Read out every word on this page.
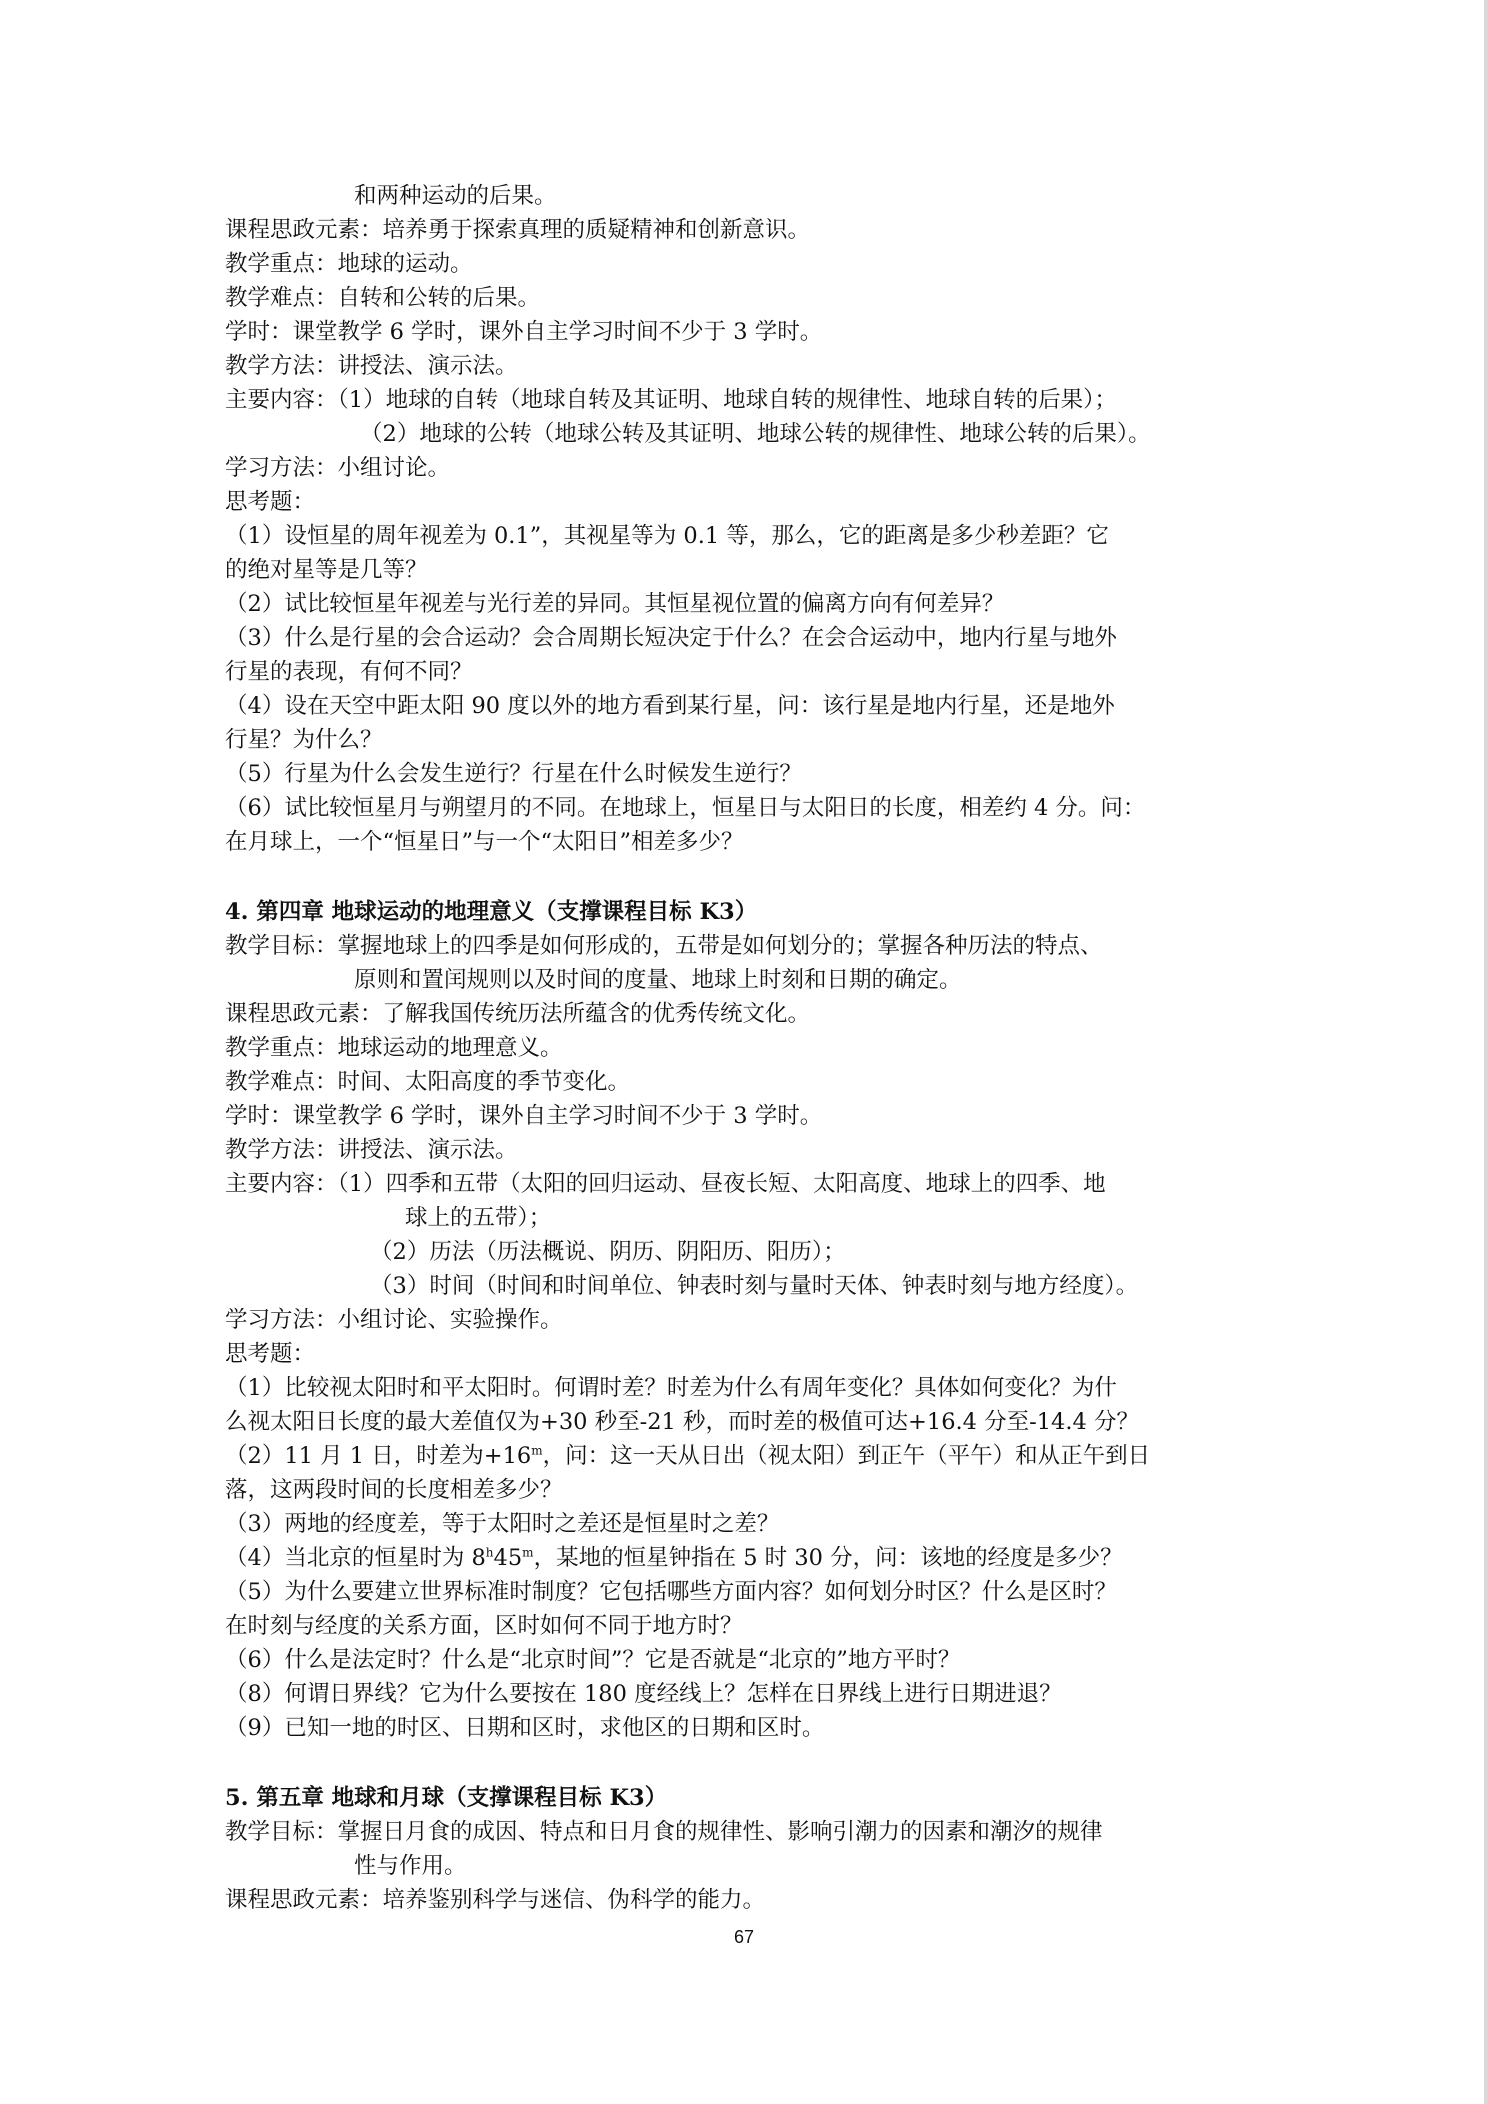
和两种运动的后果。
课程思政元素：培养勇于探索真理的质疑精神和创新意识。
教学重点：地球的运动。
教学难点：自转和公转的后果。
学时：课堂教学 6 学时，课外自主学习时间不少于 3 学时。
教学方法：讲授法、演示法。
主要内容：（1）地球的自转（地球自转及其证明、地球自转的规律性、地球自转的后果）；
（2）地球的公转（地球公转及其证明、地球公转的规律性、地球公转的后果）。
学习方法：小组讨论。
思考题：
（1）设恒星的周年视差为 0.1”，其视星等为 0.1 等，那么，它的距离是多少秒差距？它
的绝对星等是几等？
（2）试比较恒星年视差与光行差的异同。其恒星视位置的偏离方向有何差异？
（3）什么是行星的会合运动？会合周期长短决定于什么？在会合运动中，地内行星与地外
行星的表现，有何不同？
（4）设在天空中距太阳 90 度以外的地方看到某行星，问：该行星是地内行星，还是地外
行星？为什么？
（5）行星为什么会发生逆行？行星在什么时候发生逆行？
（6）试比较恒星月与朔望月的不同。在地球上，恒星日与太阳日的长度，相差约 4 分。问：
在月球上，一个“恒星日”与一个“太阳日”相差多少？
4. 第四章 地球运动的地理意义（支撑课程目标 K3）
教学目标：掌握地球上的四季是如何形成的，五带是如何划分的；掌握各种历法的特点、
原则和置闰规则以及时间的度量、地球上时刻和日期的确定。
课程思政元素：了解我国传统历法所蕴含的优秀传统文化。
教学重点：地球运动的地理意义。
教学难点：时间、太阳高度的季节变化。
学时：课堂教学 6 学时，课外自主学习时间不少于 3 学时。
教学方法：讲授法、演示法。
主要内容：（1）四季和五带（太阳的回归运动、昼夜长短、太阳高度、地球上的四季、地
球上的五带）；
（2）历法（历法概说、阴历、阴阳历、阳历）；
（3）时间（时间和时间单位、钟表时刻与量时天体、钟表时刻与地方经度）。
学习方法：小组讨论、实验操作。
思考题：
（1）比较视太阳时和平太阳时。何谓时差？时差为什么有周年变化？具体如何变化？为什
么视太阳日长度的最大差值仅为+30 秒至-21 秒，而时差的极值可达+16.4 分至-14.4 分？
（2）11 月 1 日，时差为$+16^m$，问：这一天从日出（视太阳）到正午（平午）和从正午到日
落，这两段时间的长度相差多少？
（3）两地的经度差，等于太阳时之差还是恒星时之差？
（4）当北京的恒星时为 8$^h$45$^m$，某地的恒星钟指在 5 时 30 分，问：该地的经度是多少？
（5）为什么要建立世界标准时制度？它包括哪些方面内容？如何划分时区？什么是区时？
在时刻与经度的关系方面，区时如何不同于地方时？
（6）什么是法定时？什么是“北京时间”？它是否就是“北京的”地方平时？
（8）何谓日界线？它为什么要按在 180 度经线上？怎样在日界线上进行日期进退？
（9）已知一地的时区、日期和区时，求他区的日期和区时。
5. 第五章 地球和月球（支撑课程目标 K3）
教学目标：掌握日月食的成因、特点和日月食的规律性、影响引潮力的因素和潮汐的规律
性与作用。
课程思政元素：培养鉴别科学与迷信、伪科学的能力。
67
